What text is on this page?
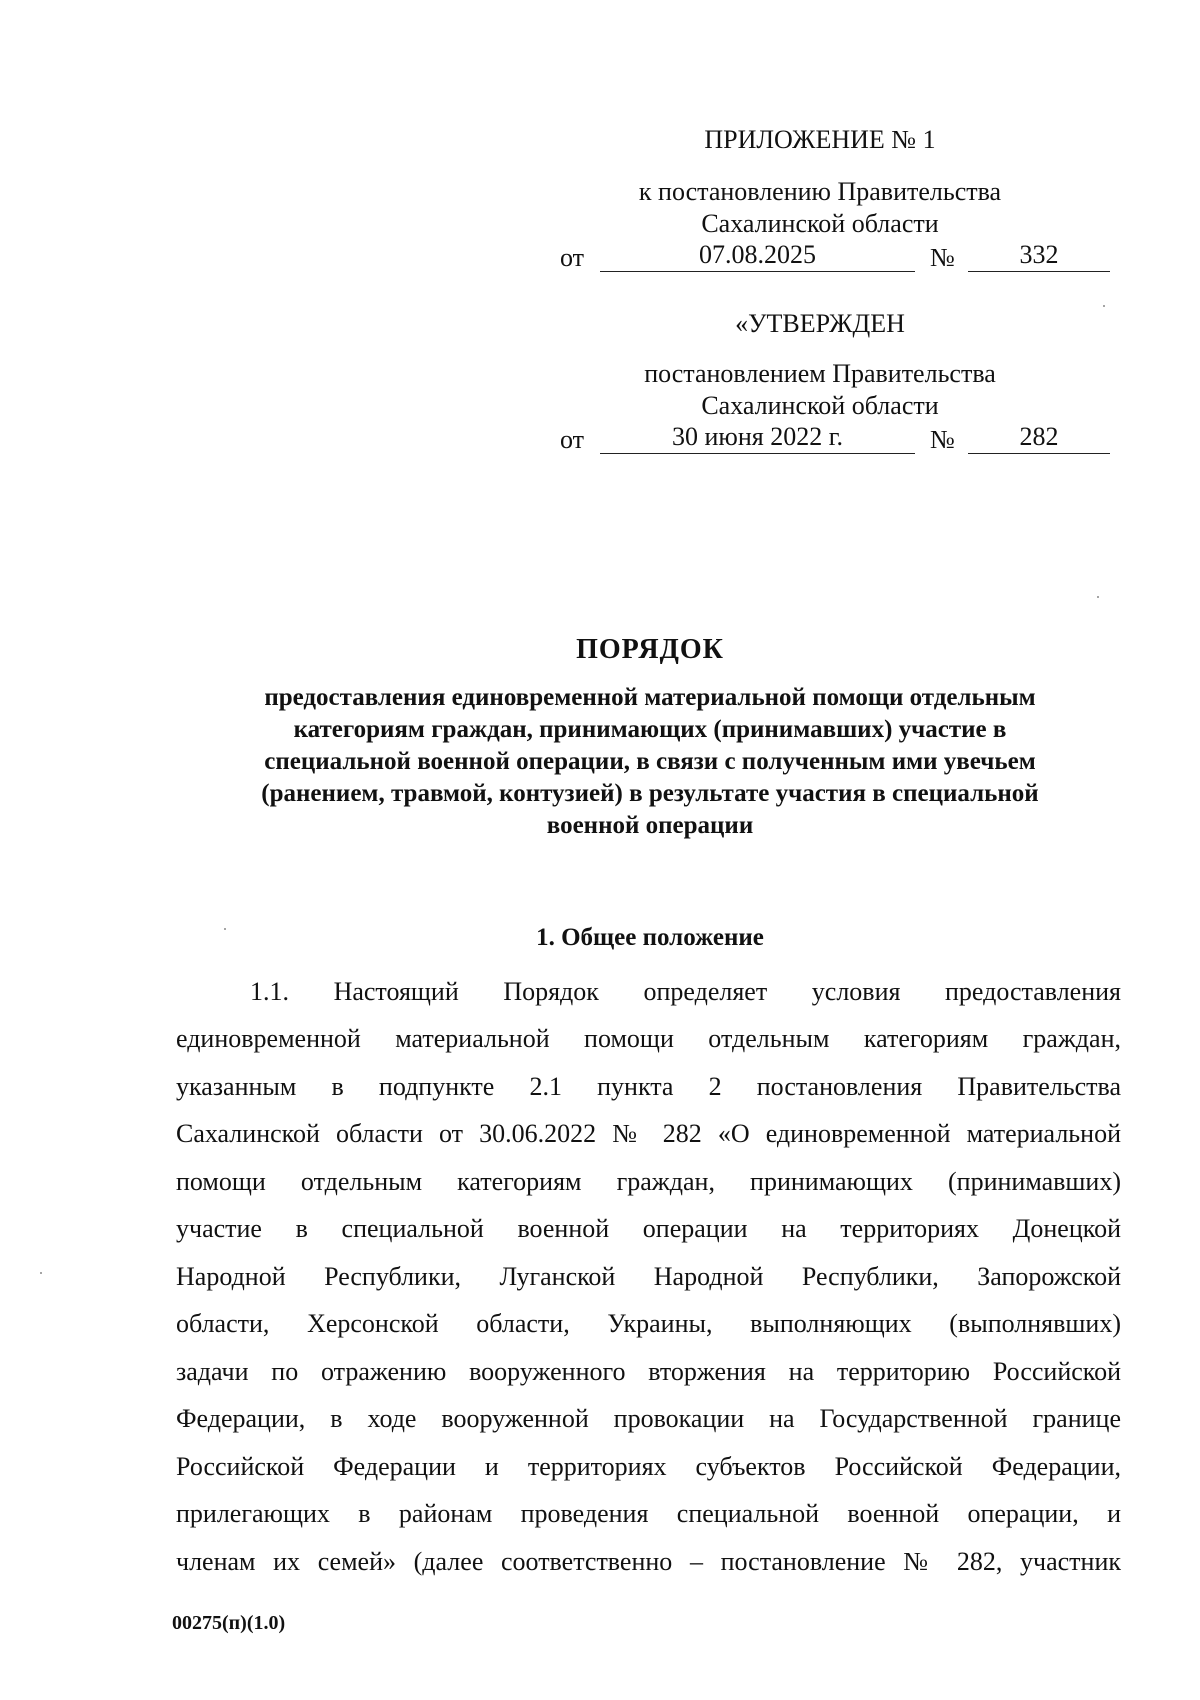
ПРИЛОЖЕНИЕ № 1
к постановлению Правительства
Сахалинской области
от	07.08.2025	№	332
«УТВЕРЖДЕН
постановлением Правительства
Сахалинской области
от	30 июня 2022 г.	№	282
ПОРЯДОК
предоставления единовременной материальной помощи отдельным
категориям граждан, принимающих (принимавших) участие в
специальной военной операции, в связи с полученным ими увечьем
(ранением, травмой, контузией) в результате участия в специальной
военной операции
1. Общее положение
1.1. Настоящий Порядок определяет условия предоставления
единовременной материальной помощи отдельным категориям граждан,
указанным в подпункте 2.1 пункта 2 постановления Правительства
Сахалинской области от 30.06.2022 № 282 «О единовременной материальной
помощи отдельным категориям граждан, принимающих (принимавших)
участие в специальной военной операции на территориях Донецкой
Народной Республики, Луганской Народной Республики, Запорожской
области, Херсонской области, Украины, выполняющих (выполнявших)
задачи по отражению вооруженного вторжения на территорию Российской
Федерации, в ходе вооруженной провокации на Государственной границе
Российской Федерации и территориях субъектов Российской Федерации,
прилегающих в районам проведения специальной военной операции, и
членам их семей» (далее соответственно – постановление № 282, участник
00275(п)(1.0)
